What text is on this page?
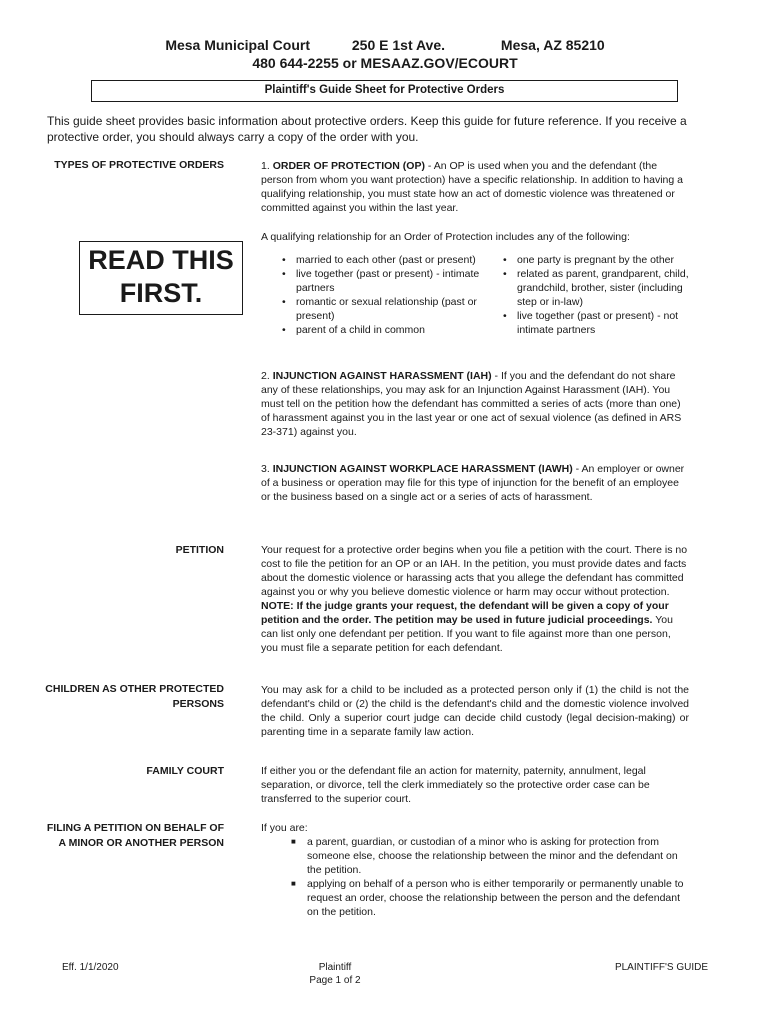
Mesa Municipal Court	250 E 1st Ave.	Mesa, AZ 85210
480 644-2255 or MESAAZ.GOV/ECOURT
Plaintiff's Guide Sheet for Protective Orders

This guide sheet provides basic information about protective orders. Keep this guide for future reference. If you receive a protective order, you should always carry a copy of the order with you.

TYPES OF PROTECTIVE ORDERS
READ THIS
FIRST.

1. ORDER OF PROTECTION (OP) - An OP is used when you and the defendant (the person from whom you want protection) have a specific relationship. In addition to having a qualifying relationship, you must state how an act of domestic violence was threatened or committed against you within the last year.

A qualifying relationship for an Order of Protection includes any of the following:
• married to each other (past or present)
• live together (past or present) - intimate partners
• romantic or sexual relationship (past or present)
• parent of a child in common
• one party is pregnant by the other
• related as parent, grandparent, child, grandchild, brother, sister (including step or in-law)
• live together (past or present) - not intimate partners

2. INJUNCTION AGAINST HARASSMENT (IAH) - If you and the defendant do not share any of these relationships, you may ask for an Injunction Against Harassment (IAH). You must tell on the petition how the defendant has committed a series of acts (more than one) of harassment against you in the last year or one act of sexual violence (as defined in ARS 23-371) against you.

3. INJUNCTION AGAINST WORKPLACE HARASSMENT (IAWH) - An employer or owner of a business or operation may file for this type of injunction for the benefit of an employee or the business based on a single act or a series of acts of harassment.

PETITION	Your request for a protective order begins when you file a petition with the court. There is no cost to file the petition for an OP or an IAH. In the petition, you must provide dates and facts about the domestic violence or harassing acts that you allege the defendant has committed against you or why you believe domestic violence or harm may occur without protection. NOTE: If the judge grants your request, the defendant will be given a copy of your petition and the order. The petition may be used in future judicial proceedings. You can list only one defendant per petition. If you want to file against more than one person, you must file a separate petition for each defendant.

CHILDREN AS OTHER PROTECTED PERSONS
You may ask for a child to be included as a protected person only if (1) the child is not the defendant's child or (2) the child is the defendant's child and the domestic violence involved the child. Only a superior court judge can decide child custody (legal decision-making) or parenting time in a separate family law action.
FAMILY COURT	If either you or the defendant file an action for maternity, paternity, annulment, legal separation, or divorce, tell the clerk immediately so the protective order case can be transferred to the superior court.
FILING A PETITION ON BEHALF OF A MINOR OR ANOTHER PERSON

If you are:

■ a parent, guardian, or custodian of a minor who is asking for protection from someone else, choose the relationship between the minor and the defendant on the petition.
■ applying on behalf of a person who is either temporarily or permanently unable to request an order, choose the relationship between the person and the defendant on the petition.
Eff. 1/1/2020	Plaintiff
Page 1 of 2
PLAINTIFF'S GUIDE
